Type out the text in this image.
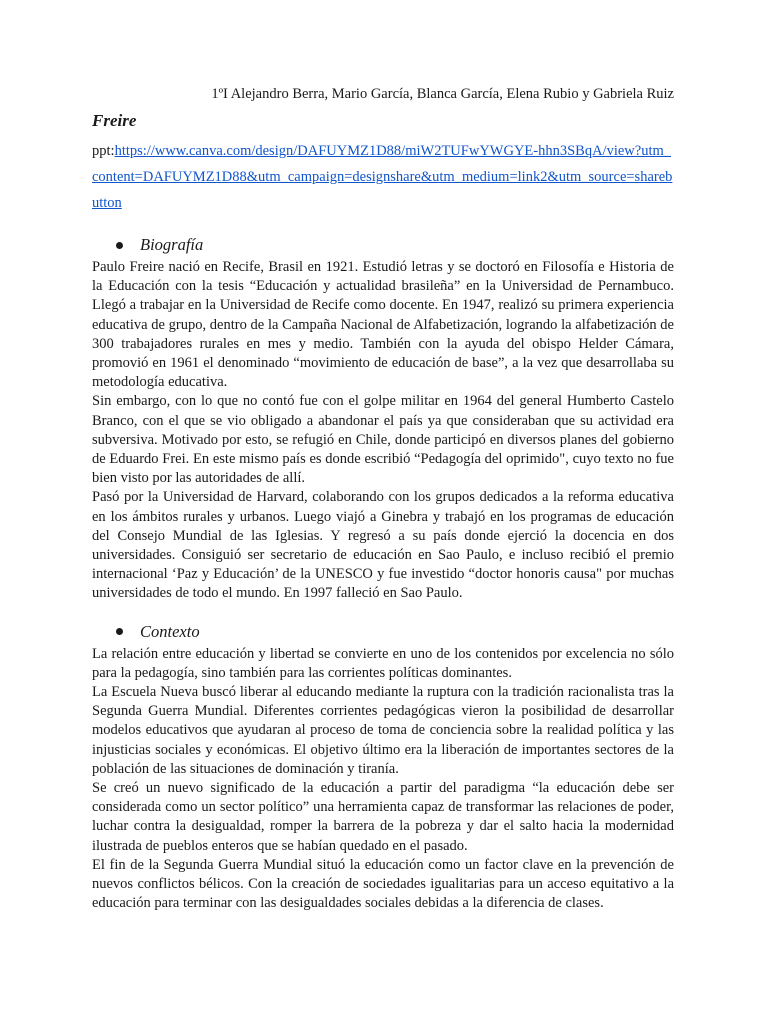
1ºI Alejandro Berra, Mario García, Blanca García, Elena Rubio y Gabriela Ruiz

Freire

ppt:https://www.canva.com/design/DAFUYMZ1D88/miW2TUFwYWGYE-hhn3SBqA/view?utm_content=DAFUYMZ1D88&utm_campaign=designshare&utm_medium=link2&utm_source=sharebutton

Biografía

Paulo Freire nació en Recife, Brasil en 1921. Estudió letras y se doctoró en Filosofía e Historia de la Educación con la tesis “Educación y actualidad brasileña” en la Universidad de Pernambuco. Llegó a trabajar en la Universidad de Recife como docente. En 1947, realizó su primera experiencia educativa de grupo, dentro de la Campaña Nacional de Alfabetización, logrando la alfabetización de 300 trabajadores rurales en mes y medio. También con la ayuda del obispo Helder Cámara, promovió en 1961 el denominado “movimiento de educación de base”, a la vez que desarrollaba su metodología educativa.

Sin embargo, con lo que no contó fue con el golpe militar en 1964 del general Humberto Castelo Branco, con el que se vio obligado a abandonar el país ya que consideraban que su actividad era subversiva. Motivado por esto, se refugió en Chile, donde participó en diversos planes del gobierno de Eduardo Frei. En este mismo país es donde escribió “Pedagogía del oprimido", cuyo texto no fue bien visto por las autoridades de allí.

Pasó por la Universidad de Harvard, colaborando con los grupos dedicados a la reforma educativa en los ámbitos rurales y urbanos. Luego viajó a Ginebra y trabajó en los programas de educación del Consejo Mundial de las Iglesias. Y regresó a su país donde ejerció la docencia en dos universidades. Consiguió ser secretario de educación en Sao Paulo, e incluso recibió el premio internacional ‘Paz y Educación’ de la UNESCO y fue investido “doctor honoris causa" por muchas universidades de todo el mundo. En 1997 falleció en Sao Paulo.

Contexto

La relación entre educación y libertad se convierte en uno de los contenidos por excelencia no sólo para la pedagogía, sino también para las corrientes políticas dominantes.

La Escuela Nueva buscó liberar al educando mediante la ruptura con la tradición racionalista tras la Segunda Guerra Mundial. Diferentes corrientes pedagógicas vieron la posibilidad de desarrollar modelos educativos que ayudaran al proceso de toma de conciencia sobre la realidad política y las injusticias sociales y económicas. El objetivo último era la liberación de importantes sectores de la población de las situaciones de dominación y tiranía.

Se creó un nuevo significado de la educación a partir del paradigma “la educación debe ser considerada como un sector político” una herramienta capaz de transformar las relaciones de poder, luchar contra la desigualdad, romper la barrera de la pobreza y dar el salto hacia la modernidad ilustrada de pueblos enteros que se habían quedado en el pasado.

El fin de la Segunda Guerra Mundial situó la educación como un factor clave en la prevención de nuevos conflictos bélicos. Con la creación de sociedades igualitarias para un acceso equitativo a la educación para terminar con las desigualdades sociales debidas a la diferencia de clases.
